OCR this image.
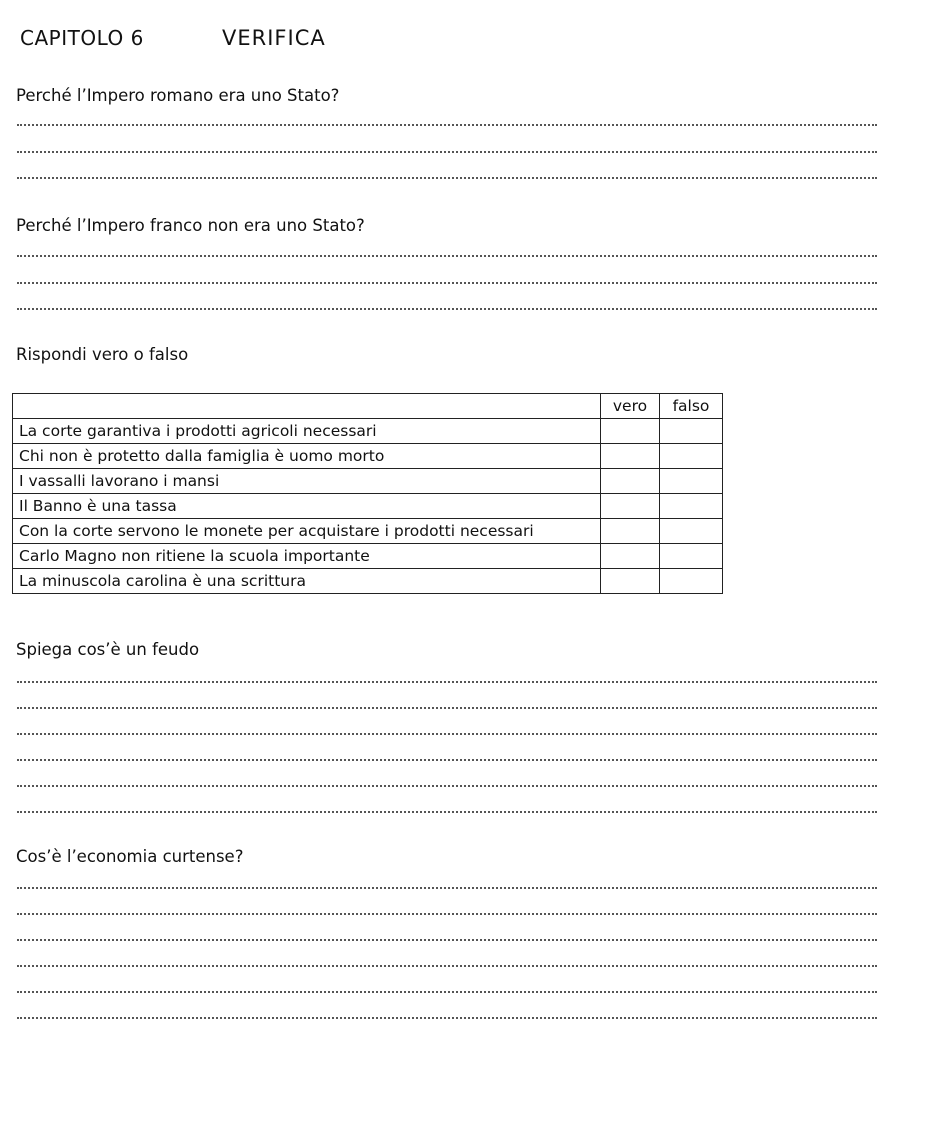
CAPITOLO 6	VERIFICA
Perché l’Impero romano era uno Stato?
Perché l’Impero franco non era uno Stato?
Rispondi vero o falso
	vero	falso
La corte garantiva i prodotti agricoli necessari		
Chi non è protetto dalla famiglia è uomo morto		
I vassalli lavorano i mansi		
Il Banno è una tassa		
Con la corte servono le monete per acquistare i prodotti necessari		
Carlo Magno non ritiene la scuola importante		
La minuscola carolina è una scrittura		
Spiega cos’è un feudo
Cos’è l’economia curtense?
